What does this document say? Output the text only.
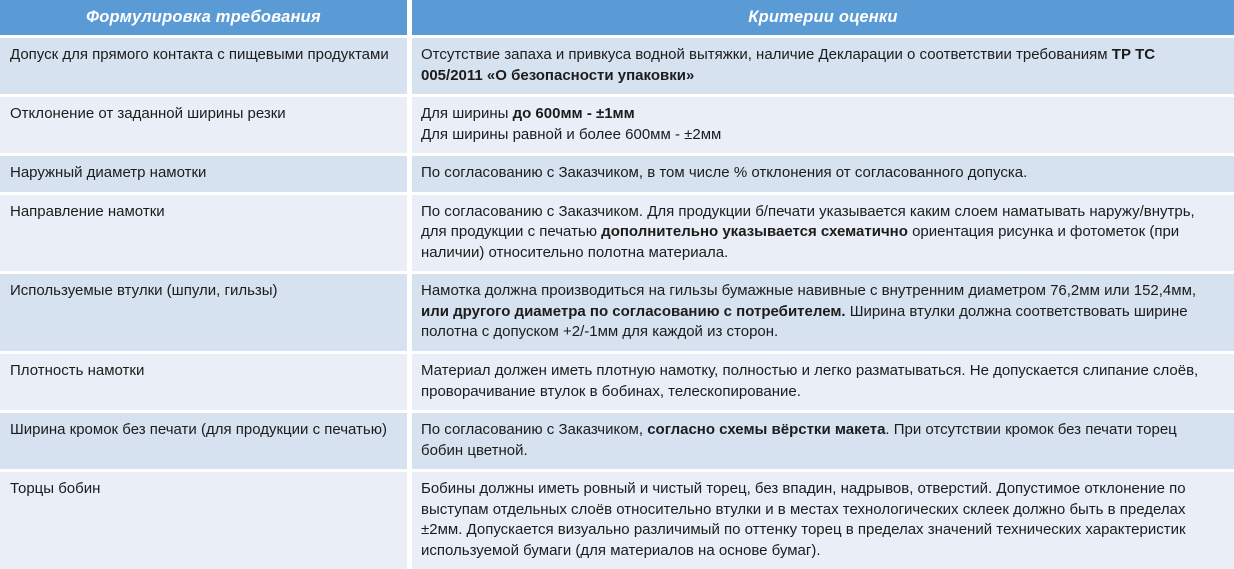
Формулировка требования	Критерии оценки
Допуск для прямого контакта с пищевыми продуктами	Отсутствие запаха и привкуса водной вытяжки, наличие Декларации о соответствии требованиям ТР ТС 005/2011 «О безопасности упаковки»
Отклонение от заданной ширины резки	Для ширины до 600мм - ±1мм
Для ширины равной и более 600мм - ±2мм
Наружный диаметр намотки	По согласованию с Заказчиком, в том числе % отклонения от согласованного допуска.
Направление намотки	По согласованию с Заказчиком. Для продукции б/печати указывается каким слоем наматывать наружу/внутрь, для продукции с печатью дополнительно указывается схематично ориентация рисунка и фотометок (при наличии) относительно полотна материала.
Используемые втулки (шпули, гильзы)	Намотка должна производиться на гильзы бумажные навивные с внутренним диаметром 76,2мм или 152,4мм, или другого диаметра по согласованию с потребителем. Ширина втулки должна соответствовать ширине полотна с допуском +2/-1мм для каждой из сторон.
Плотность намотки	Материал должен иметь плотную намотку, полностью и легко разматываться. Не допускается слипание слоёв, проворачивание втулок в бобинах, телескопирование.
Ширина кромок без печати (для продукции с печатью)	По согласованию с Заказчиком, согласно схемы вёрстки макета. При отсутствии кромок без печати торец бобин цветной.
Торцы бобин	Бобины должны иметь ровный и чистый торец, без впадин, надрывов, отверстий. Допустимое отклонение по выступам отдельных слоёв относительно втулки и в местах технологических склеек должно быть в пределах ±2мм. Допускается визуально различимый по оттенку торец в пределах значений технических характеристик используемой бумаги (для материалов на основе бумаг).
